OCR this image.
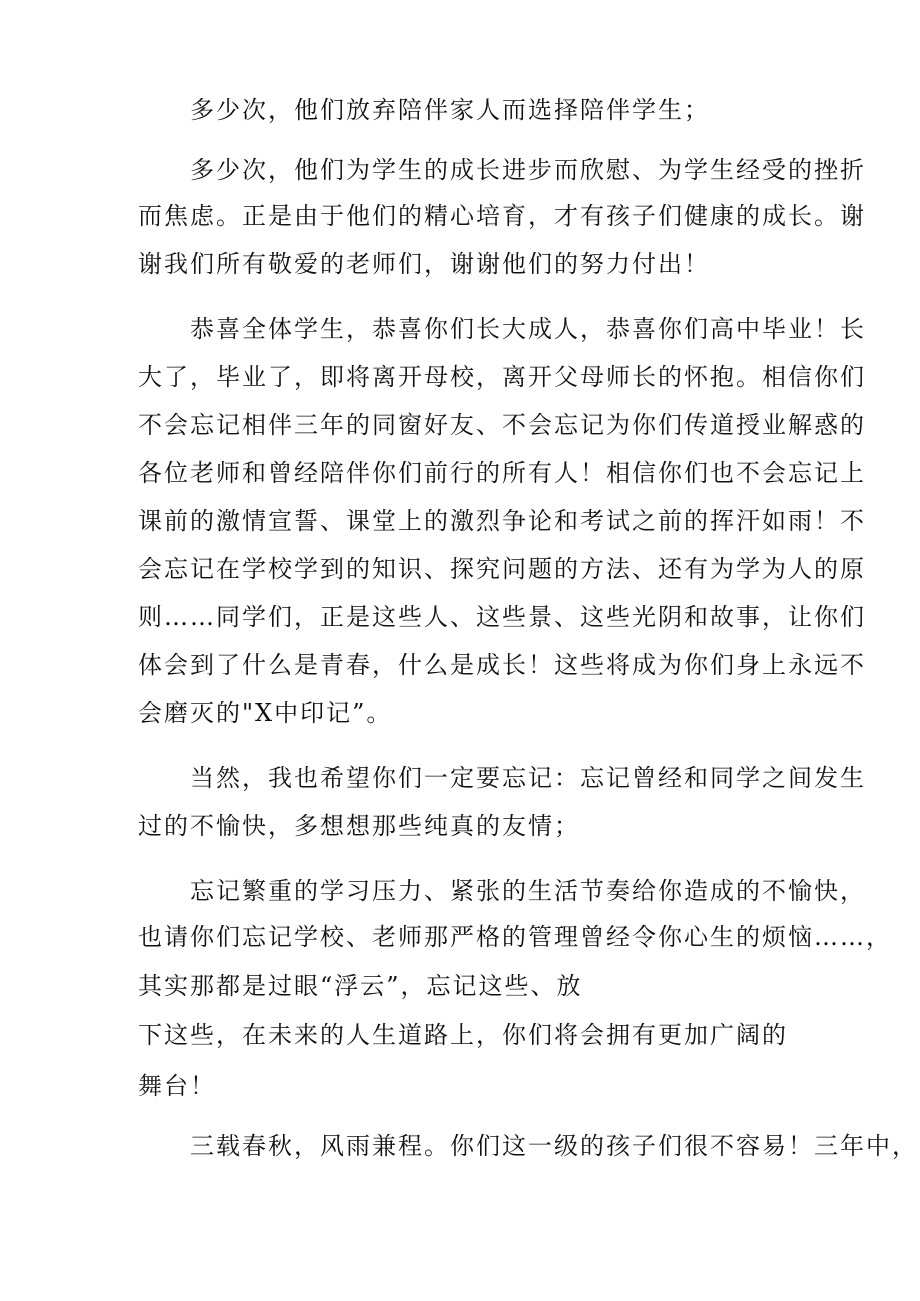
多少次，他们放弃陪伴家人而选择陪伴学生；
多少次，他们为学生的成长进步而欣慰、为学生经受的挫折
而焦虑。正是由于他们的精心培育，才有孩子们健康的成长。谢
谢我们所有敬爱的老师们，谢谢他们的努力付出！
恭喜全体学生，恭喜你们长大成人，恭喜你们高中毕业！长
大了，毕业了，即将离开母校，离开父母师长的怀抱。相信你们
不会忘记相伴三年的同窗好友、不会忘记为你们传道授业解惑的
各位老师和曾经陪伴你们前行的所有人！相信你们也不会忘记上
课前的激情宣誓、课堂上的激烈争论和考试之前的挥汗如雨！不
会忘记在学校学到的知识、探究问题的方法、还有为学为人的原
则……同学们，正是这些人、这些景、这些光阴和故事，让你们
体会到了什么是青春，什么是成长！这些将成为你们身上永远不
会磨灭的"X中印记”。
当然，我也希望你们一定要忘记：忘记曾经和同学之间发生
过的不愉快，多想想那些纯真的友情；
忘记繁重的学习压力、紧张的生活节奏给你造成的不愉快，
也请你们忘记学校、老师那严格的管理曾经令你心生的烦恼……，
其实那都是过眼“浮云”，忘记这些、放
下这些，在未来的人生道路上，你们将会拥有更加广阔的
舞台！
三载春秋，风雨兼程。你们这一级的孩子们很不容易！三年中，
